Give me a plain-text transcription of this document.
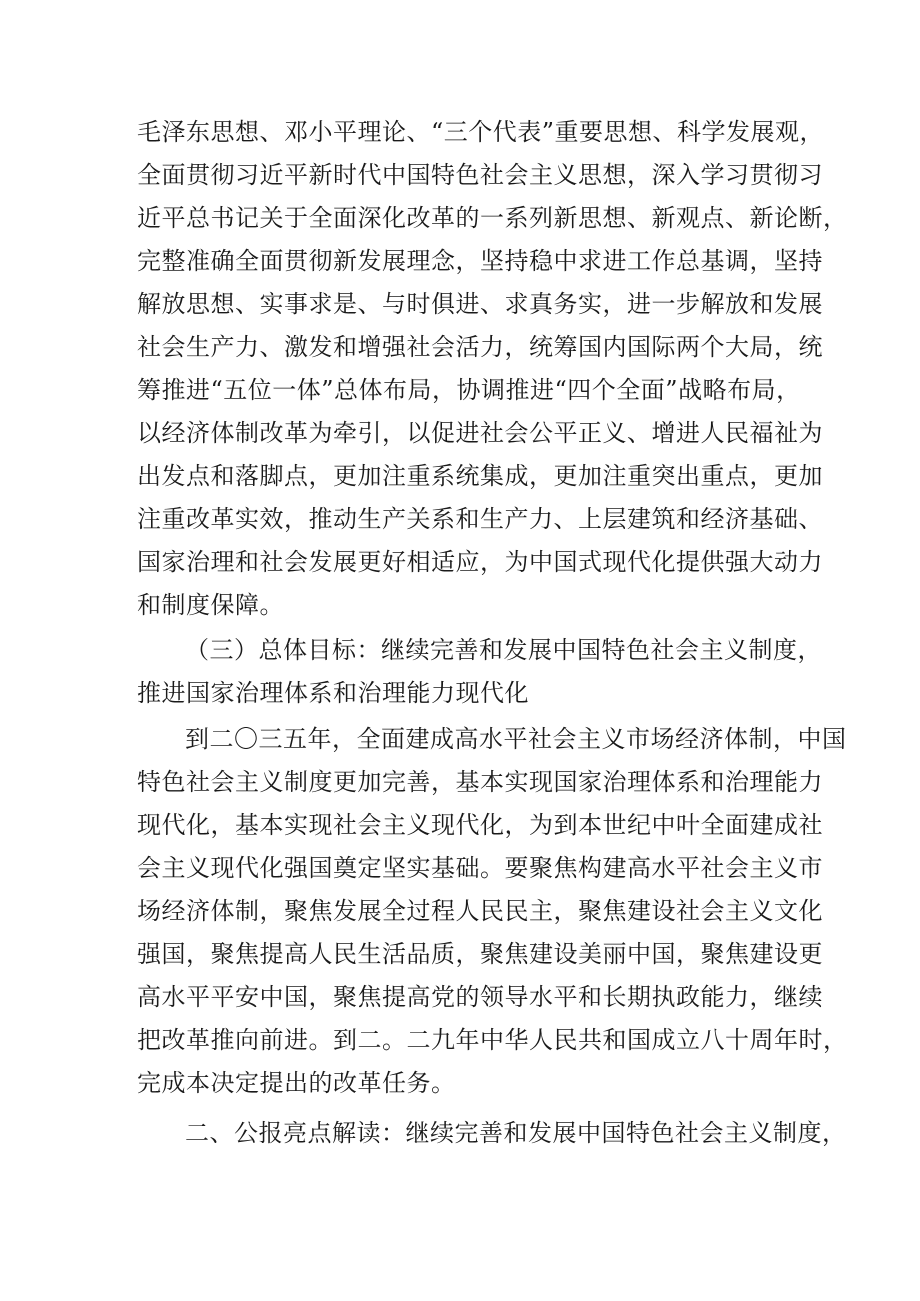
毛泽东思想、邓小平理论、“三个代表”重要思想、科学发展观，
全面贯彻习近平新时代中国特色社会主义思想，深入学习贯彻习
近平总书记关于全面深化改革的一系列新思想、新观点、新论断，
完整准确全面贯彻新发展理念，坚持稳中求进工作总基调，坚持
解放思想、实事求是、与时俱进、求真务实，进一步解放和发展
社会生产力、激发和增强社会活力，统筹国内国际两个大局，统
筹推进“五位一体”总体布局，协调推进“四个全面”战略布局，
以经济体制改革为牵引，以促进社会公平正义、增进人民福祉为
出发点和落脚点，更加注重系统集成，更加注重突出重点，更加
注重改革实效，推动生产关系和生产力、上层建筑和经济基础、
国家治理和社会发展更好相适应，为中国式现代化提供强大动力
和制度保障。
（三）总体目标：继续完善和发展中国特色社会主义制度，
推进国家治理体系和治理能力现代化
到二〇三五年，全面建成高水平社会主义市场经济体制，中国
特色社会主义制度更加完善，基本实现国家治理体系和治理能力
现代化，基本实现社会主义现代化，为到本世纪中叶全面建成社
会主义现代化强国奠定坚实基础。要聚焦构建高水平社会主义市
场经济体制，聚焦发展全过程人民民主，聚焦建设社会主义文化
强国，聚焦提高人民生活品质，聚焦建设美丽中国，聚焦建设更
高水平平安中国，聚焦提高党的领导水平和长期执政能力，继续
把改革推向前进。到二。二九年中华人民共和国成立八十周年时，
完成本决定提出的改革任务。
二、公报亮点解读：继续完善和发展中国特色社会主义制度，
